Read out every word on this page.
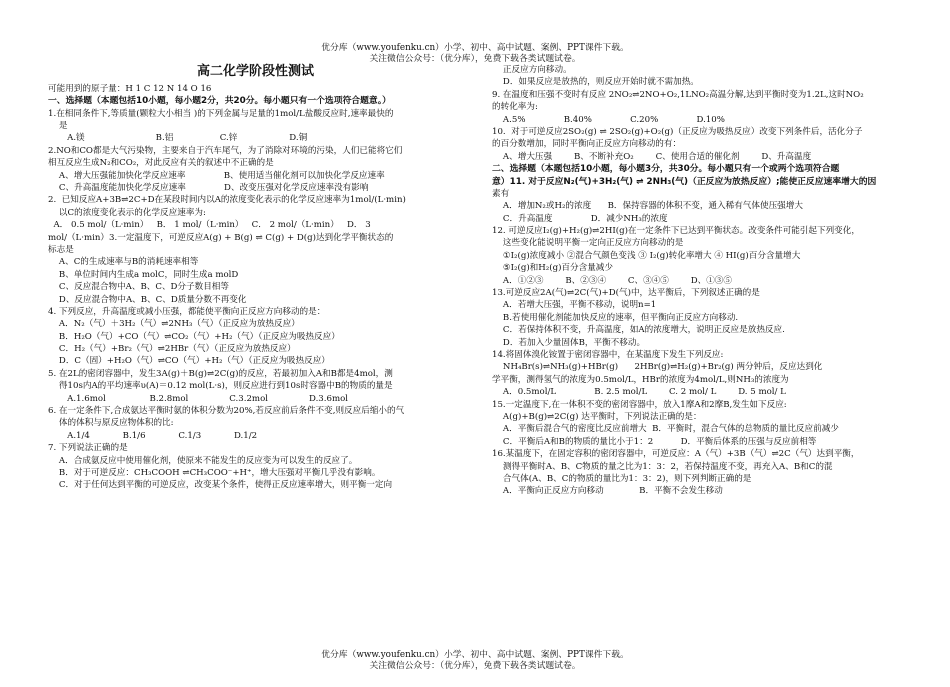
优分库（www.youfenku.cn）小学、初中、高中试题、案例、PPT课件下载。
关注微信公众号：（优分库），免费下载各类试题试卷。
高二化学阶段性测试
可能用到的原子量：H 1 C 12 N 14 O 16
一、选择题（本题包括10小题，每小题2分，共20分。每小题只有一个选项符合题意。）
1.在相同条件下,等质量(颗粒大小相当 )的下列金属与足量的1mol/L盐酸反应时,速率最快的
是
A.镁                          B.铝                 C.锌                   D.铜
2.NO和CO都是大气污染物，主要来自于汽车尾气，为了消除对环境的污染，人们已能将它们
相互反应生成N₂和CO₂，对此反应有关的叙述中不正确的是
A、增大压强能加快化学反应速率              B、使用适当催化剂可以加快化学反应速率
C、升高温度能加快化学反应速率              D、改变压强对化学反应速率没有影响
2.  已知反应A+3B⇌2C+D在某段时间内以A的浓度变化表示的化学反应速率为1mol/(L·min)
以C的浓度变化表示的化学反应速率为:
A． 0.5 mol/（L·min）   B． 1 mol/（L·min）   C． 2 mol/（L·min）   D． 3
mol/（L·min）3.一定温度下，可逆反应A(g) + B(g) ⇌ C(g) + D(g)达到化学平衡状态的
标志是
A、C的生成速率与B的消耗速率相等
B、单位时间内生成a molC，同时生成a molD
C、反应混合物中A、B、C、D分子数目相等
D、反应混合物中A、B、C、D质量分数不再变化
4. 下列反应，升高温度或减小压强，都能使平衡向正反应方向移动的是：
A．N₂（气）＋3H₂（气）⇌2NH₃（气）（正反应为放热反应）
B．H₂O（气）+CO（气）⇌CO₂（气）+H₂（气）（正反应为吸热反应）
C．H₂（气）+Br₂（气）⇌2HBr（气）（正反应为放热反应）
D．C（固）+H₂O（气）⇌CO（气）+H₂（气）（正反应为吸热反应）
5. 在2L的密闭容器中，发生3A(g)＋B(g)⇌2C(g)的反应，若最初加入A和B都是4mol，测
得10s内A的平均速率υ(A)＝0.12 mol(L·s)，则反应进行到10s时容器中B的物质的量是
A.1.6mol                B.2.8mol               C.3.2mol               D.3.6mol
6. 在一定条件下,合成氨达平衡时氨的体积分数为20%,若反应前后条件不变,则反应后缩小的气
体的体积与原反应物体积的比:
A.1/4            B.1/6            C.1/3            D.1/2
7. 下列说法正确的是
A．合成氨反应中使用催化剂，使原来不能发生的反应变为可以发生的反应了。
B．对于可逆反应：CH₃COOH ⇌CH₃COO⁻+H⁺，增大压强对平衡几乎没有影响。
C．对于任何达到平衡的可逆反应，改变某个条件，使得正反应速率增大，则平衡一定向
正反应方向移动。
D．如果反应是放热的，则反应开始时就不需加热。
9. 在温度和压强不变时有反应 2NO₂⇌2NO+O₂,1LNO₂高温分解,达到平衡时变为1.2L,这时NO₂
的转化率为:
A.5%              B.40%              C.20%              D.10%
10.  对于可逆反应2SO₂(g) ⇌ 2SO₂(g)+O₂(g)（正反应为吸热反应）改变下列条件后，活化分子
的百分数增加，同时平衡向正反应方向移动的有：
A、增大压强        B、不断补充O₂        C、使用合适的催化剂        D、升高温度
二、选择题（本题包括10小题，每小题3分，共30分。每小题只有一个或两个选项符合题
意）11. 对于反应N₂(气)+3H₂(气) ⇌ 2NH₃(气)（正反应为放热反应）;能使正反应速率增大的因
素有
A．增加N₂或H₂的浓度      B．保持容器的体积不变，通入稀有气体使压强增大
C．升高温度              D．减少NH₃的浓度
12. 可逆反应I₂(g)+H₂(g)⇌2HI(g)在一定条件下已达到平衡状态。改变条件可能引起下列变化，
这些变化能说明平衡一定向正反应方向移动的是
①I₂(g)浓度减小 ②混合气颜色变浅 ③ I₂(g)转化率增大 ④ HI(g)百分含量增大
⑤I₂(g)和H₂(g)百分含量减少
A．①②③        B、②③④        C、③④⑤        D、①③⑤
13.可逆反应2A(气)⇌2C(气)+D(气)中，达平衡后，下列叙述正确的是
A．若增大压强，平衡不移动，说明n=1
B.若使用催化剂能加快反应的速率，但平衡向正反应方向移动.
C．若保持体积不变，升高温度，如A的浓度增大，说明正反应是放热反应.
D．若加入少量固体B，平衡不移动。
14.将固体溴化铵置于密闭容器中，在某温度下发生下列反应:
NH₄Br(s)⇌NH₃(g)+HBr(g)      2HBr(g)⇌H₂(g)+Br₂(g) 两分钟后，反应达到化
学平衡，测得氢气的浓度为0.5mol/L，HBr的浓度为4mol/L,则NH₃的浓度为
A．0.5mol/L              B. 2.5 mol/L        C. 2 mol/ L        D. 5 mol/ L
15.一定温度下,在一体积不变的密闭容器中，放入1摩A和2摩B,发生如下反应:
A(g)+B(g)⇌2C(g) 达平衡时，下列说法正确的是：
A．平衡后混合气的密度比反应前增大  B．平衡时，混合气体的总物质的量比反应前减少
C．平衡后A和B的物质的量比小于1：2          D．平衡后体系的压强与反应前相等
16.某温度下，在固定容积的密闭容器中，可逆反应：A（气）+3B（气）⇌2C（气）达到平衡，
测得平衡时A、B、C物质的量之比为1：3：2，若保持温度不变，再充入A、B和C的混
合气体(A、B、C的物质的量比为1：3：2)，则下列判断正确的是
A．平衡向正反应方向移动             B．平衡不会发生移动
优分库（www.youfenku.cn）小学、初中、高中试题、案例、PPT课件下载。
关注微信公众号：（优分库），免费下载各类试题试卷。
